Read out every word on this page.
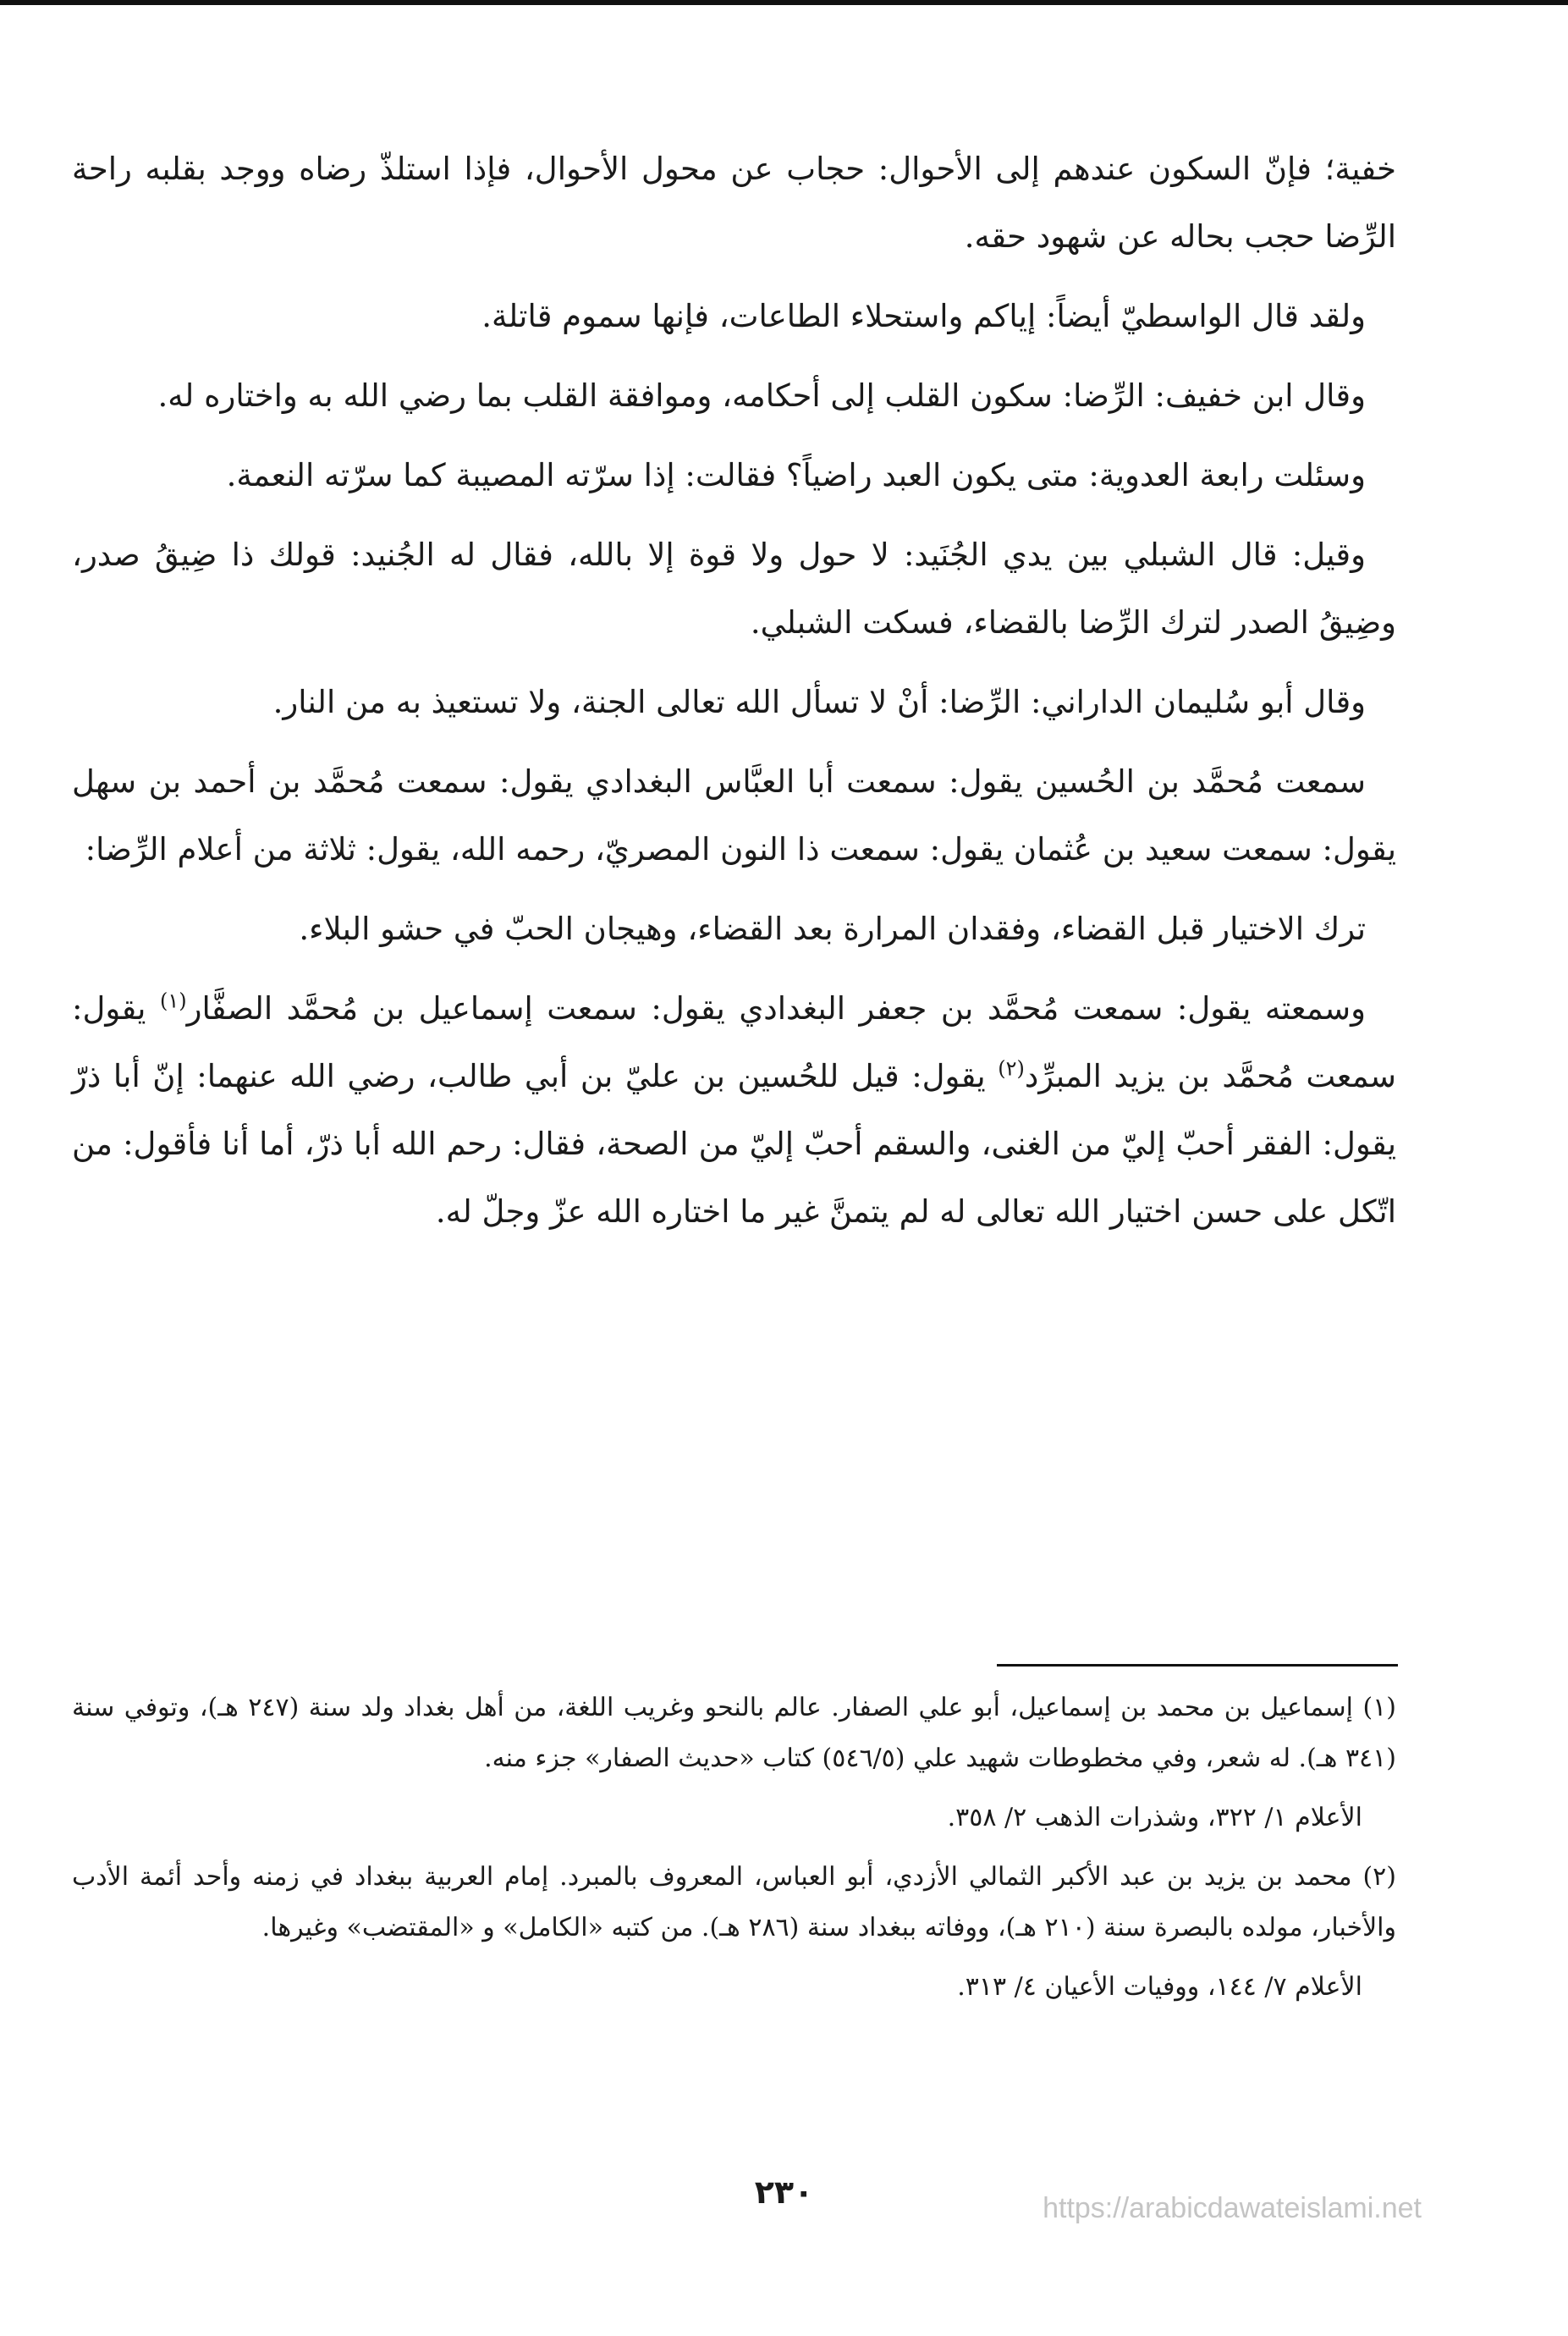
خفية؛ فإنّ السكون عندهم إلى الأحوال: حجاب عن محول الأحوال، فإذا استلذّ رضاه ووجد بقلبه راحة الرِّضا حجب بحاله عن شهود حقه.

ولقد قال الواسطيّ أيضاً: إياكم واستحلاء الطاعات، فإنها سموم قاتلة.

وقال ابن خفيف: الرِّضا: سكون القلب إلى أحكامه، وموافقة القلب بما رضي الله به واختاره له.

وسئلت رابعة العدوية: متى يكون العبد راضياً؟ فقالت: إذا سرّته المصيبة كما سرّته النعمة.

وقيل: قال الشبلي بين يدي الجُنَيد: لا حول ولا قوة إلا بالله، فقال له الجُنيد: قولك ذا ضِيقُ صدر، وضِيقُ الصدر لترك الرِّضا بالقضاء، فسكت الشبلي.

وقال أبو سُليمان الداراني: الرِّضا: أنْ لا تسأل الله تعالى الجنة، ولا تستعيذ به من النار.

سمعت مُحمَّد بن الحُسين يقول: سمعت أبا العبَّاس البغدادي يقول: سمعت مُحمَّد بن أحمد بن سهل يقول: سمعت سعيد بن عُثمان يقول: سمعت ذا النون المصريّ، رحمه الله، يقول: ثلاثة من أعلام الرِّضا:

ترك الاختيار قبل القضاء، وفقدان المرارة بعد القضاء، وهيجان الحبّ في حشو البلاء.

وسمعته يقول: سمعت مُحمَّد بن جعفر البغدادي يقول: سمعت إسماعيل بن مُحمَّد الصفَّار$^{(١)}$ يقول: سمعت مُحمَّد بن يزيد المبرِّد$^{(٢)}$ يقول: قيل للحُسين بن عليّ بن أبي طالب، رضي الله عنهما: إنّ أبا ذرّ يقول: الفقر أحبّ إليّ من الغنى، والسقم أحبّ إليّ من الصحة، فقال: رحم الله أبا ذرّ، أما أنا فأقول: من اتّكل على حسن اختيار الله تعالى له لم يتمنَّ غير ما اختاره الله عزّ وجلّ له.

(١) إسماعيل بن محمد بن إسماعيل، أبو علي الصفار. عالم بالنحو وغريب اللغة، من أهل بغداد ولد سنة (٢٤٧ هـ)، وتوفي سنة (٣٤١ هـ). له شعر، وفي مخطوطات شهيد علي (٥٤٦/٥) كتاب «حديث الصفار» جزء منه.

الأعلام ١/ ٣٢٢، وشذرات الذهب ٢/ ٣٥٨.

(٢) محمد بن يزيد بن عبد الأكبر الثمالي الأزدي، أبو العباس، المعروف بالمبرد. إمام العربية ببغداد في زمنه وأحد أئمة الأدب والأخبار، مولده بالبصرة سنة (٢١٠ هـ)، ووفاته ببغداد سنة (٢٨٦ هـ). من كتبه «الكامل» و «المقتضب» وغيرها.

الأعلام ٧/ ١٤٤، ووفيات الأعيان ٤/ ٣١٣.

٢٣٠	https://arabicdawateislami.net
